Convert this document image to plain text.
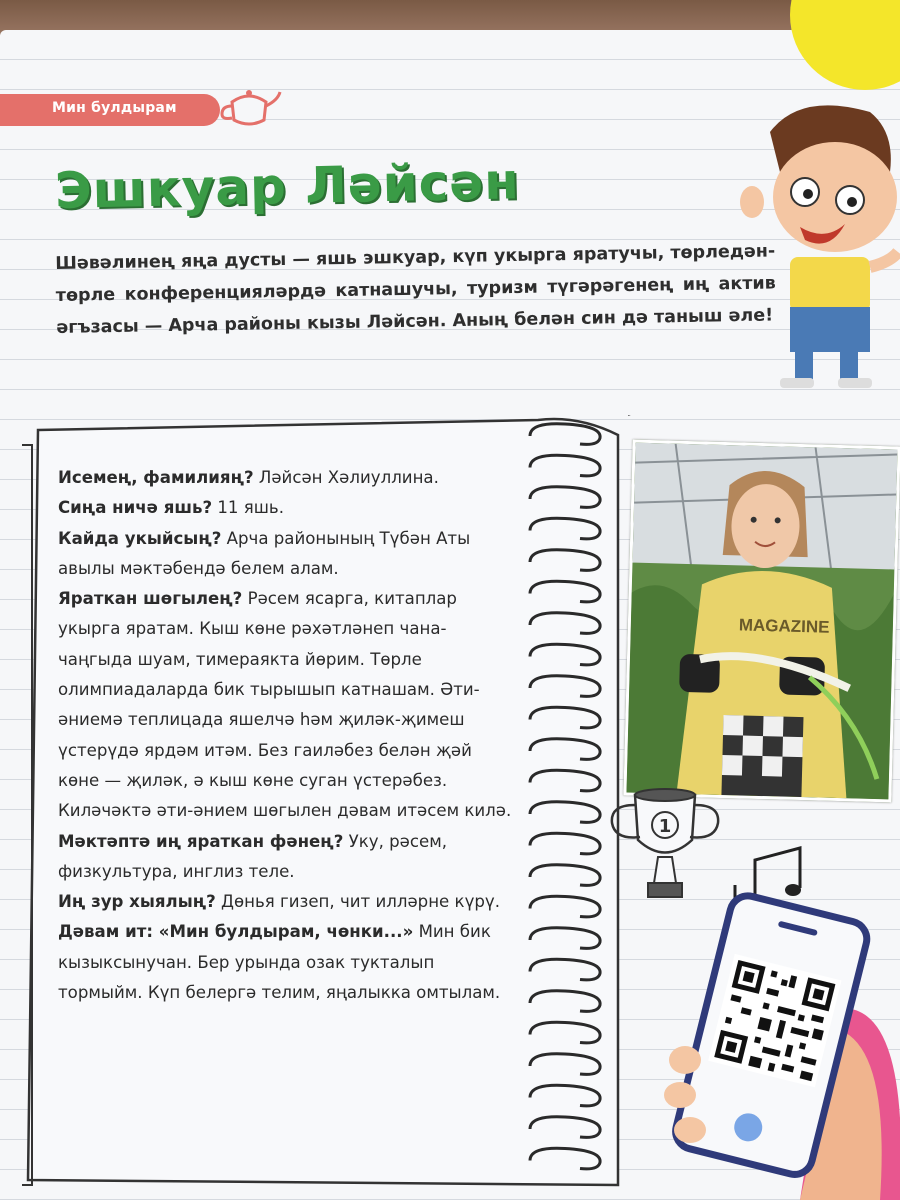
Мин булдырам
Эшкуар Ләйсән

Шәвәлинең яңа дусты — яшь эшкуар, күп укырга яратучы, төрледән-төрле конференцияләрдә катнашучы, туризм түгәрәгенең иң актив әгъзасы — Арча районы кызы Ләйсән. Аның белән син дә таныш әле!

Исемең, фамилияң? Ләйсән Хәлиуллина.
Сиңа ничә яшь? 11 яшь.
Кайда укыйсың? Арча районының Түбән Аты авылы мәктәбендә белем алам.
Яраткан шөгылең? Рәсем ясарга, китаплар укырга яратам. Кыш көне рәхәтләнеп чана-чаңгыда шуам, тимераякта йөрим. Төрле олимпиадаларда бик тырышып катнашам. Әти-әниемә теплицада яшелчә һәм җиләк-җимеш үстерүдә ярдәм итәм. Без гаиләбез белән җәй көне — җиләк, ә кыш көне суган үстерәбез. Киләчәктә әти-әнием шөгылен дәвам итәсем килә.
Мәктәптә иң яраткан фәнең? Уку, рәсем, физкультура, инглиз теле.
Иң зур хыялың? Дөнья гизеп, чит илләрне күрү.
Дәвам ит: «Мин булдырам, чөнки...» Мин бик кызыксынучан. Бер урында озак тукталып тормыйм. Күп белергә телим, яңалыкка омтылам.
MAGAZINE
1
